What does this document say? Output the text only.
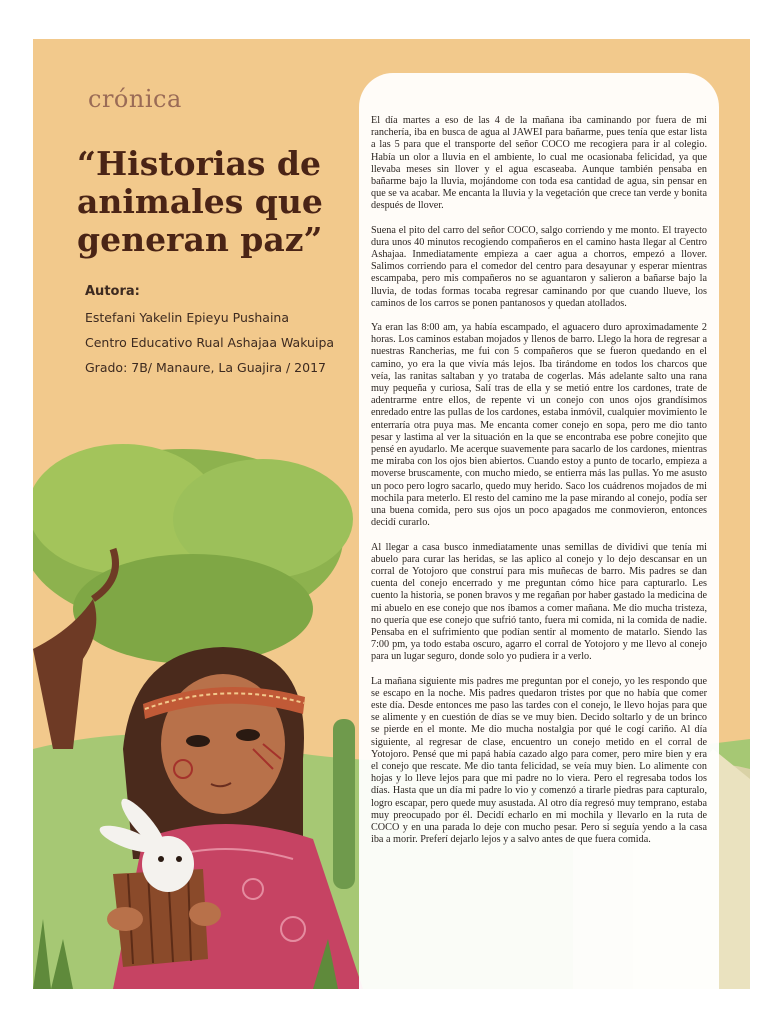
crónica
“Historias de animales que generan paz”
Autora:
Estefani Yakelin Epieyu Pushaina
Centro Educativo Rual Ashajaa Wakuipa
Grado: 7B/ Manaure, La Guajira / 2017

El día martes a eso de las 4 de la mañana iba caminando por fuera de mi ranchería, iba en busca de agua al JAWEI para bañarme, pues tenía que estar lista a las 5 para que el transporte del señor COCO me recogiera para ir al colegio. Había un olor a lluvia en el ambiente, lo cual me ocasionaba felicidad, ya que llevaba meses sin llover y el agua escaseaba. Aunque también pensaba en bañarme bajo la lluvia, mojándome con toda esa cantidad de agua, sin pensar en que se va acabar. Me encanta la lluvia y la vegetación que crece tan verde y bonita después de llover.

Suena el pito del carro del señor COCO, salgo corriendo y me monto. El trayecto dura unos 40 minutos recogiendo compañeros en el camino hasta llegar al Centro Ashajaa. Inmediatamente empieza a caer agua a chorros, empezó a llover. Salimos corriendo para el comedor del centro para desayunar y esperar mientras escampaba, pero mis compañeros no se aguantaron y salieron a bañarse bajo la lluvia, de todas formas tocaba regresar caminando por que cuando llueve, los caminos de los carros se ponen pantanosos y quedan atollados.

Ya eran las 8:00 am, ya había escampado, el aguacero duro aproximadamente 2 horas. Los caminos estaban mojados y llenos de barro. Llego la hora de regresar a nuestras Rancherias, me fui con 5 compañeros que se fueron quedando en el camino, yo era la que vivía más lejos. Iba tirándome en todos los charcos que veía, las ranitas saltaban y yo trataba de cogerlas. Más adelante salto una rana muy pequeña y curiosa, Salí tras de ella y se metió entre los cardones, trate de adentrarme entre ellos, de repente vi un conejo con unos ojos grandísimos enredado entre las pullas de los cardones, estaba inmóvil, cualquier movimiento le enterraría otra puya mas. Me encanta comer conejo en sopa, pero me dio tanto pesar y lastima al ver la situación en la que se encontraba ese pobre conejito que pensé en ayudarlo. Me acerque suavemente para sacarlo de los cardones, mientras me miraba con los ojos bien abiertos. Cuando estoy a punto de tocarlo, empieza a moverse bruscamente, con mucho miedo, se entierra más las pullas. Yo me asusto un poco pero logro sacarlo, quedo muy herido. Saco los cuádrenos mojados de mi mochila para meterlo. El resto del camino me la pase mirando al conejo, podía ser una buena comida, pero sus ojos un poco apagados me conmovieron, entonces decidí curarlo.

Al llegar a casa busco inmediatamente unas semillas de dividivi que tenía mi abuelo para curar las heridas, se las aplico al conejo y lo dejo descansar en un corral de Yotojoro que construí para mis muñecas de barro. Mis padres se dan cuenta del conejo encerrado y me preguntan cómo hice para capturarlo. Les cuento la historia, se ponen bravos y me regañan por haber gastado la medicina de mi abuelo en ese conejo que nos íbamos a comer mañana. Me dio mucha tristeza, no quería que ese conejo que sufrió tanto, fuera mi comida, ni la comida de nadie. Pensaba en el sufrimiento que podían sentir al momento de matarlo. Siendo las 7:00 pm, ya todo estaba oscuro, agarro el corral de Yotojoro y me llevo al conejo para un lugar seguro, donde solo yo pudiera ir a verlo.

La mañana siguiente mis padres me preguntan por el conejo, yo les respondo que se escapo en la noche. Mis padres quedaron tristes por que no había que comer este día. Desde entonces me paso las tardes con el conejo, le llevo hojas para que se alimente y en cuestión de días se ve muy bien. Decido soltarlo y de un brinco se pierde en el monte. Me dio mucha nostalgia por qué le cogí cariño. Al día siguiente, al regresar de clase, encuentro un conejo metido en el corral de Yotojoro. Pensé que mi papá había cazado algo para comer, pero mire bien y era el conejo que rescate. Me dio tanta felicidad, se veía muy bien. Lo alimente con hojas y lo lleve lejos para que mi padre no lo viera. Pero el regresaba todos los días. Hasta que un día mi padre lo vio y comenzó a tirarle piedras para capturalo, logro escapar, pero quede muy asustada. Al otro día regresó muy temprano, estaba muy preocupado por él. Decidí echarlo en mi mochila y llevarlo en la ruta de COCO y en una parada lo deje con mucho pesar. Pero si seguía yendo a la casa iba a morir. Preferí dejarlo lejos y a salvo antes de que fuera comida.
